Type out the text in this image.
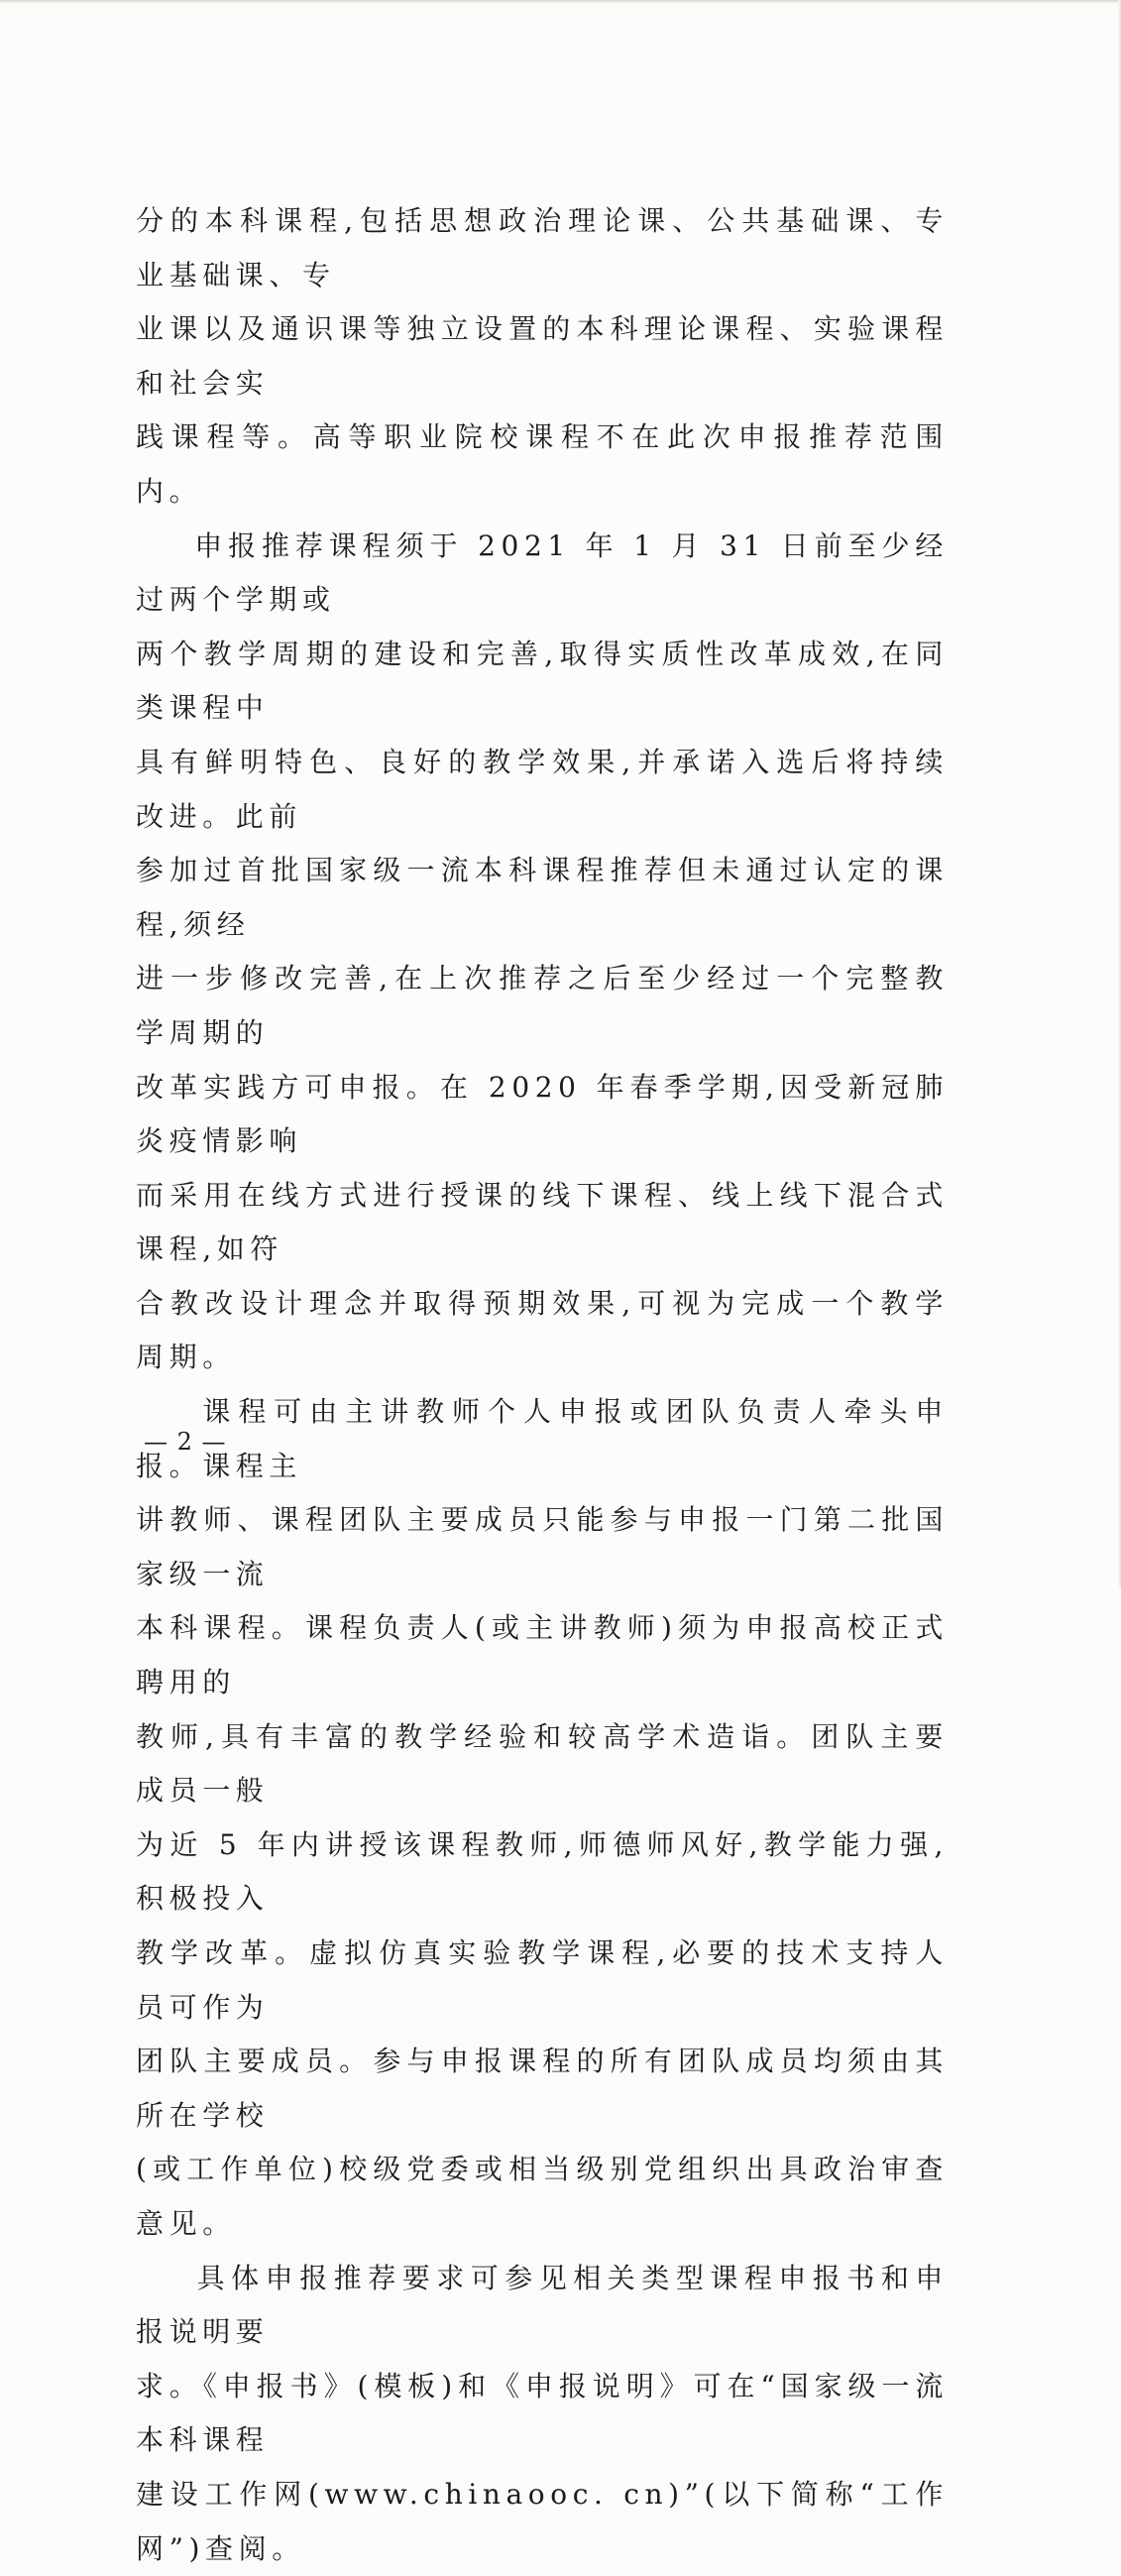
分的本科课程,包括思想政治理论课、公共基础课、专业基础课、专
业课以及通识课等独立设置的本科理论课程、实验课程和社会实
践课程等。高等职业院校课程不在此次申报推荐范围内。

申报推荐课程须于 2021 年 1 月 31 日前至少经过两个学期或
两个教学周期的建设和完善,取得实质性改革成效,在同类课程中
具有鲜明特色、良好的教学效果,并承诺入选后将持续改进。此前
参加过首批国家级一流本科课程推荐但未通过认定的课程,须经
进一步修改完善,在上次推荐之后至少经过一个完整教学周期的
改革实践方可申报。在 2020 年春季学期,因受新冠肺炎疫情影响
而采用在线方式进行授课的线下课程、线上线下混合式课程,如符
合教改设计理念并取得预期效果,可视为完成一个教学周期。

课程可由主讲教师个人申报或团队负责人牵头申报。课程主
讲教师、课程团队主要成员只能参与申报一门第二批国家级一流
本科课程。课程负责人(或主讲教师)须为申报高校正式聘用的
教师,具有丰富的教学经验和较高学术造诣。团队主要成员一般
为近 5 年内讲授该课程教师,师德师风好,教学能力强,积极投入
教学改革。虚拟仿真实验教学课程,必要的技术支持人员可作为
团队主要成员。参与申报课程的所有团队成员均须由其所在学校
(或工作单位)校级党委或相当级别党组织出具政治审查意见。

具体申报推荐要求可参见相关类型课程申报书和申报说明要
求。《申报书》(模板)和《申报说明》可在“国家级一流本科课程
建设工作网(www.chinaooc. cn)”(以下简称“工作网”)查阅。

— 2 —
